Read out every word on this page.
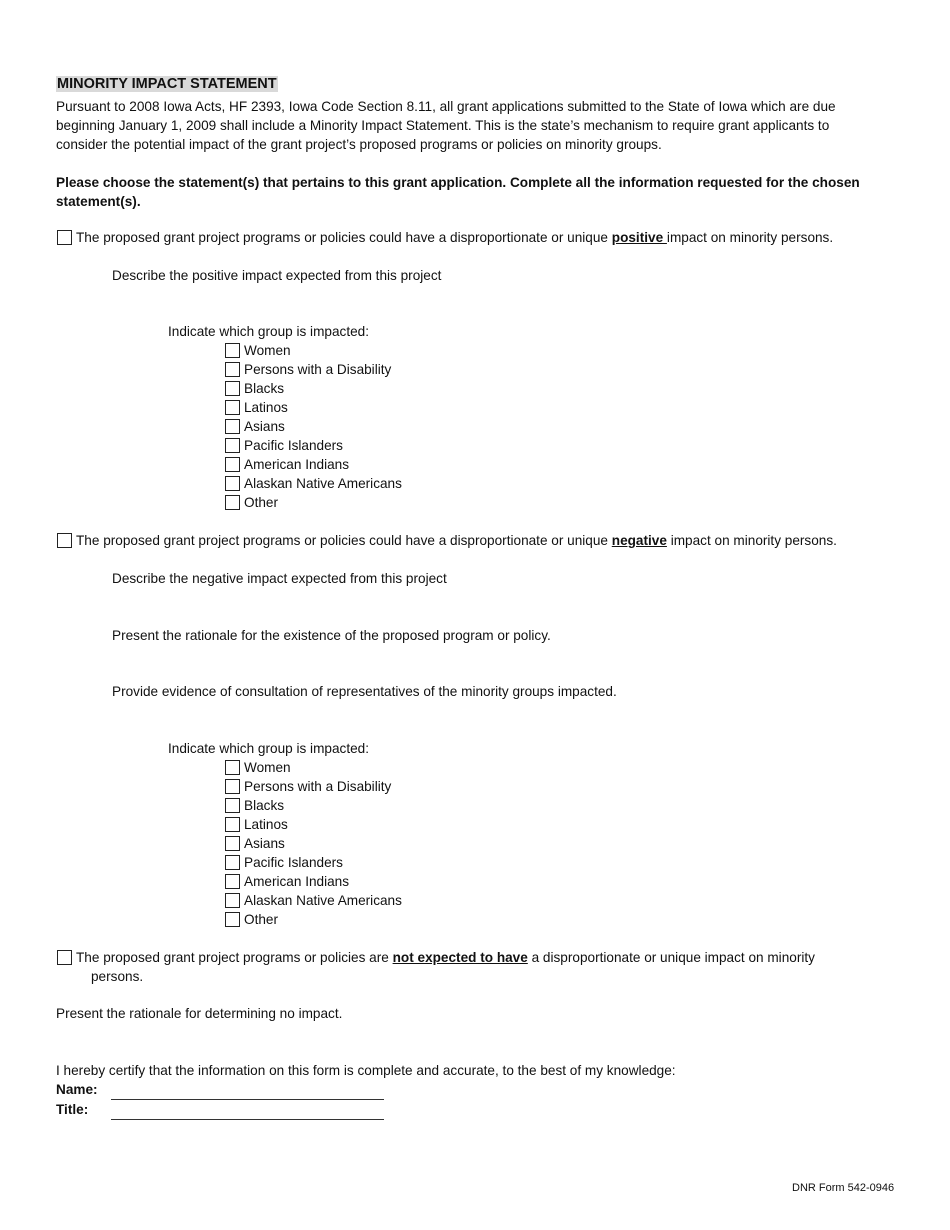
MINORITY IMPACT STATEMENT
Pursuant to 2008 Iowa Acts, HF 2393, Iowa Code Section 8.11, all grant applications submitted to the State of Iowa which are due
beginning January 1, 2009 shall include a Minority Impact Statement. This is the state’s mechanism to require grant applicants to
consider the potential impact of the grant project’s proposed programs or policies on minority groups.
Please choose the statement(s) that pertains to this grant application. Complete all the information requested for the chosen
statement(s).
The proposed grant project programs or policies could have a disproportionate or unique positive impact on minority persons.
Describe the positive impact expected from this project
Indicate which group is impacted:
Women
Persons with a Disability
Blacks
Latinos
Asians
Pacific Islanders
American Indians
Alaskan Native Americans
Other
The proposed grant project programs or policies could have a disproportionate or unique negative impact on minority persons.
Describe the negative impact expected from this project
Present the rationale for the existence of the proposed program or policy.
Provide evidence of consultation of representatives of the minority groups impacted.
Indicate which group is impacted:
Women
Persons with a Disability
Blacks
Latinos
Asians
Pacific Islanders
American Indians
Alaskan Native Americans
Other
The proposed grant project programs or policies are not expected to have a disproportionate or unique impact on minority
persons.
Present the rationale for determining no impact.
I hereby certify that the information on this form is complete and accurate, to the best of my knowledge:
Name:
Title:
DNR Form 542-0946
